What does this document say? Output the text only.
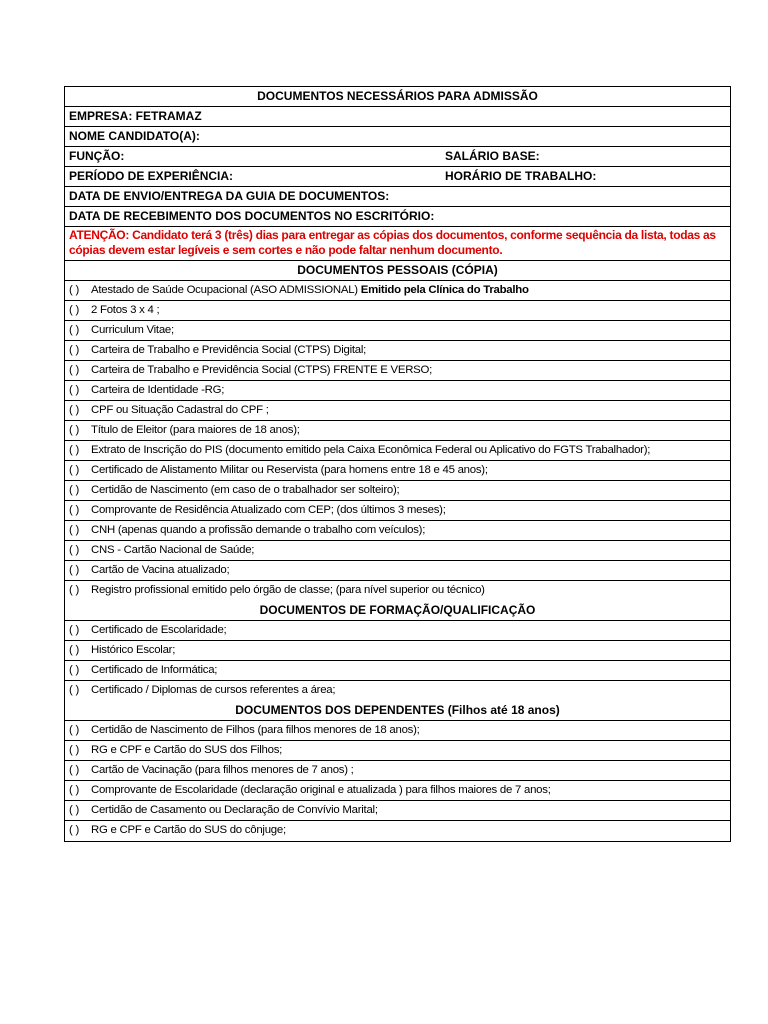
DOCUMENTOS NECESSÁRIOS PARA ADMISSÃO
EMPRESA: FETRAMAZ
NOME CANDIDATO(A):
FUNÇÃO:	SALÁRIO BASE:
PERÍODO DE EXPERIÊNCIA:	HORÁRIO DE TRABALHO:
DATA DE ENVIO/ENTREGA DA GUIA DE DOCUMENTOS:
DATA DE RECEBIMENTO DOS DOCUMENTOS NO ESCRITÓRIO:
ATENÇÃO: Candidato terá 3 (três) dias para entregar as cópias dos documentos, conforme sequência da lista, todas as cópias devem estar legíveis e sem cortes e não pode faltar nenhum documento.
DOCUMENTOS PESSOAIS (CÓPIA)
( ) Atestado de Saúde Ocupacional (ASO ADMISSIONAL) Emitido pela Clínica do Trabalho
( ) 2 Fotos 3 x 4 ;
( ) Curriculum Vitae;
( ) Carteira de Trabalho e Previdência Social (CTPS) Digital;
( ) Carteira de Trabalho e Previdência Social (CTPS) FRENTE E VERSO;
( ) Carteira de Identidade -RG;
( ) CPF ou Situação Cadastral do CPF ;
( ) Título de Eleitor (para maiores de 18 anos);
( ) Extrato de Inscrição do PIS (documento emitido pela Caixa Econômica Federal ou Aplicativo do FGTS Trabalhador);
( ) Certificado de Alistamento Militar ou Reservista (para homens entre 18 e 45 anos);
( ) Certidão de Nascimento (em caso de o trabalhador ser solteiro);
( ) Comprovante de Residência Atualizado com CEP; (dos últimos 3 meses);
( ) CNH (apenas quando a profissão demande o trabalho com veículos);
( ) CNS - Cartão Nacional de Saúde;
( ) Cartão de Vacina atualizado;
( ) Registro profissional emitido pelo órgão de classe; (para nível superior ou técnico)
DOCUMENTOS DE FORMAÇÃO/QUALIFICAÇÃO
( ) Certificado de Escolaridade;
( ) Histórico Escolar;
( ) Certificado de Informática;
( ) Certificado / Diplomas de cursos referentes a área;
DOCUMENTOS DOS DEPENDENTES (Filhos até 18 anos)
( ) Certidão de Nascimento de Filhos (para filhos menores de 18 anos);
( ) RG e CPF e Cartão do SUS dos Filhos;
( ) Cartão de Vacinação (para filhos menores de 7 anos) ;
( ) Comprovante de Escolaridade (declaração original e atualizada ) para filhos maiores de 7 anos;
( ) Certidão de Casamento ou Declaração de Convívio Marital;
( ) RG e CPF e Cartão do SUS do cônjuge;
